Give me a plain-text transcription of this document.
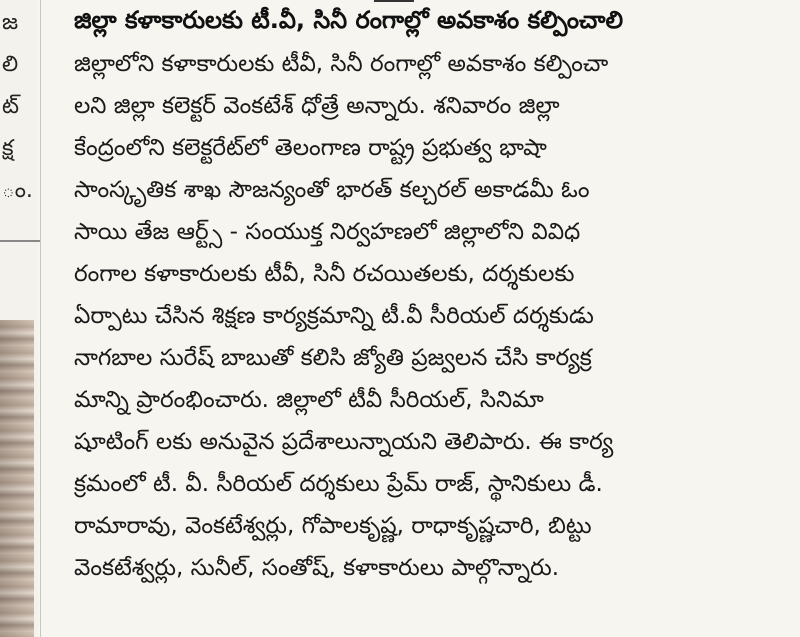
జ
లి
ట్
క్ష
ం.
జిల్లా కళాకారులకు టీ.వీ, సినీ రంగాల్లో అవకాశం కల్పించాలి
జిల్లాలోని కళాకారులకు టీవీ, సినీ రంగాల్లో అవకాశం కల్పించా
లని జిల్లా కలెక్టర్ వెంకటేశ్ ధోత్రే అన్నారు. శనివారం జిల్లా
కేంద్రంలోని కలెక్టరేట్‌లో తెలంగాణ రాష్ట్ర ప్రభుత్వ భాషా
సాంస్కృతిక శాఖ సౌజన్యంతో భారత్ కల్చరల్ అకాడమీ ఓం
సాయి తేజ ఆర్ట్స్ - సంయుక్త నిర్వహణలో జిల్లాలోని వివిధ
రంగాల కళాకారులకు టీవీ, సినీ రచయితలకు, దర్శకులకు
ఏర్పాటు చేసిన శిక్షణ కార్యక్రమాన్ని టీ.వీ సీరియల్ దర్శకుడు
నాగబాల సురేష్ బాబుతో కలిసి జ్యోతి ప్రజ్వలన చేసి కార్యక్ర
మాన్ని ప్రారంభించారు. జిల్లాలో టీవీ సీరియల్, సినిమా
షూటింగ్ లకు అనువైన ప్రదేశాలున్నాయని తెలిపారు. ఈ కార్య
క్రమంలో టీ. వీ. సీరియల్ దర్శకులు ప్రేమ్ రాజ్, స్థానికులు డీ.
రామారావు, వెంకటేశ్వర్లు, గోపాలకృష్ణ, రాధాకృష్ణచారి, బిట్టు
వెంకటేశ్వర్లు, సునీల్, సంతోష్, కళాకారులు పాల్గొన్నారు.
